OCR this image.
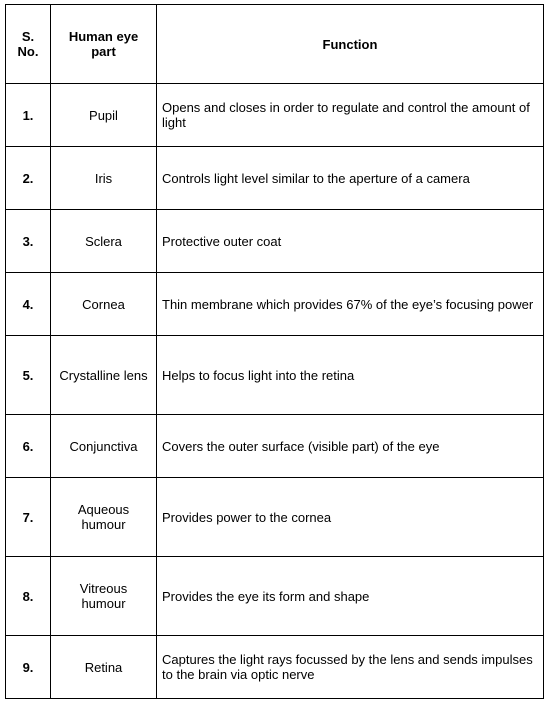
S. No.	Human eye part	Function

1.	Pupil	Opens and closes in order to regulate and control the amount of light
2.	Iris	Controls light level similar to the aperture of a camera
3.	Sclera	Protective outer coat
4.	Cornea	Thin membrane which provides 67% of the eye’s focusing power
5.	Crystalline lens	Helps to focus light into the retina
6.	Conjunctiva	Covers the outer surface (visible part) of the eye
7.	Aqueous humour	Provides power to the cornea
8.	Vitreous humour	Provides the eye its form and shape
9.	Retina	Captures the light rays focussed by the lens and sends impulses to the brain via optic nerve
